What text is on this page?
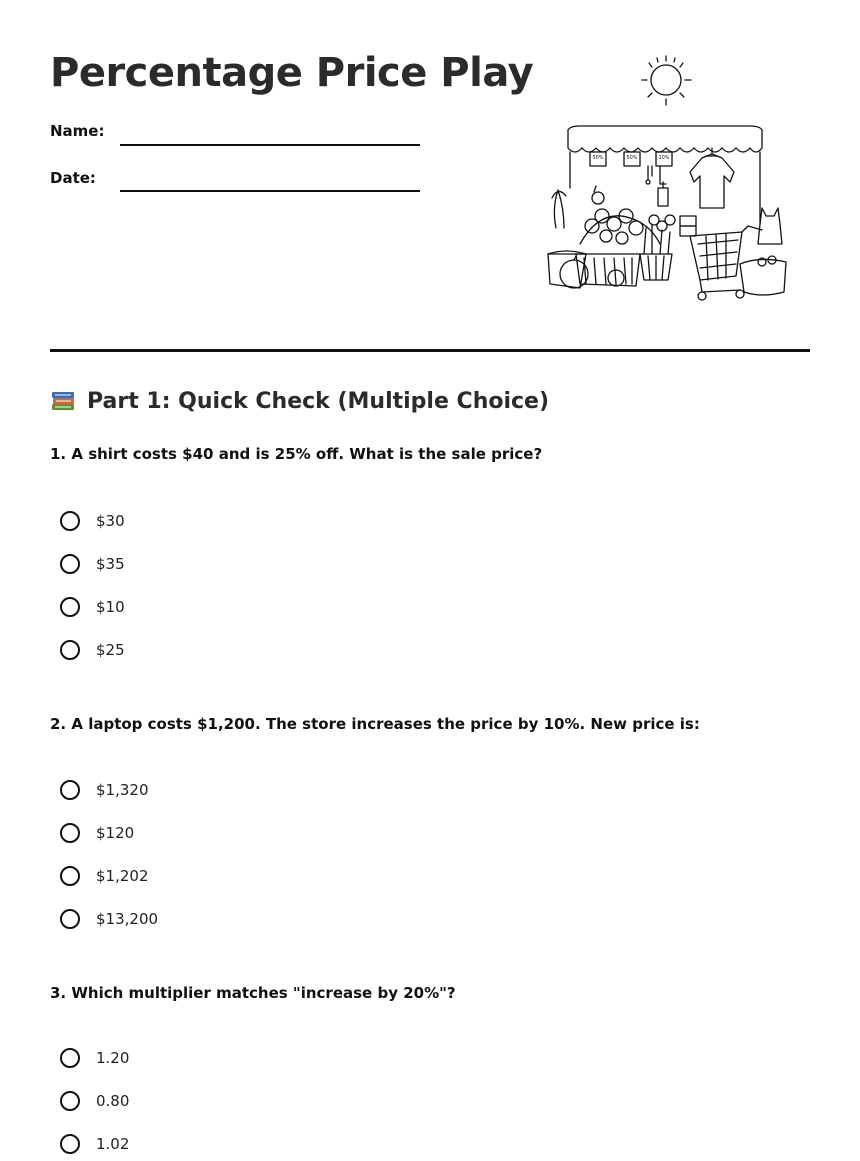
Percentage Price Play
Name:
Date:
50%	50%	10%
Part 1: Quick Check (Multiple Choice)

1. A shirt costs $40 and is 25% off. What is the sale price?

$30
$35
$10
$25

2. A laptop costs $1,200. The store increases the price by 10%. New price is:

$1,320
$120
$1,202
$13,200

3. Which multiplier matches "increase by 20%"?

1.20
0.80
1.02
